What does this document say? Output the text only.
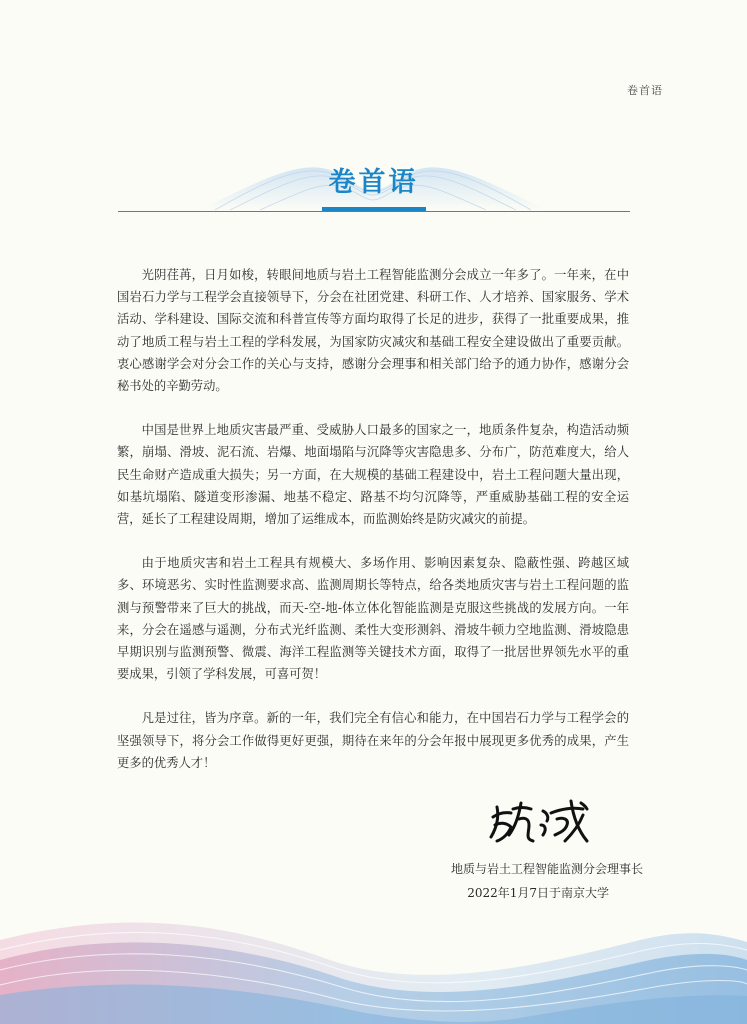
卷首语
卷首语

光阴荏苒，日月如梭，转眼间地质与岩土工程智能监测分会成立一年多了。一年来，在中国岩石力学与工程学会直接领导下，分会在社团党建、科研工作、人才培养、国家服务、学术活动、学科建设、国际交流和科普宣传等方面均取得了长足的进步，获得了一批重要成果，推动了地质工程与岩土工程的学科发展，为国家防灾减灾和基础工程安全建设做出了重要贡献。衷心感谢学会对分会工作的关心与支持，感谢分会理事和相关部门给予的通力协作，感谢分会秘书处的辛勤劳动。

中国是世界上地质灾害最严重、受威胁人口最多的国家之一，地质条件复杂，构造活动频繁，崩塌、滑坡、泥石流、岩爆、地面塌陷与沉降等灾害隐患多、分布广，防范难度大，给人民生命财产造成重大损失；另一方面，在大规模的基础工程建设中，岩土工程问题大量出现，如基坑塌陷、隧道变形渗漏、地基不稳定、路基不均匀沉降等，严重威胁基础工程的安全运营，延长了工程建设周期，增加了运维成本，而监测始终是防灾减灾的前提。

由于地质灾害和岩土工程具有规模大、多场作用、影响因素复杂、隐蔽性强、跨越区域多、环境恶劣、实时性监测要求高、监测周期长等特点，给各类地质灾害与岩土工程问题的监测与预警带来了巨大的挑战，而天-空-地-体立体化智能监测是克服这些挑战的发展方向。一年来，分会在遥感与遥测，分布式光纤监测、柔性大变形测斜、滑坡牛顿力空地监测、滑坡隐患早期识别与监测预警、微震、海洋工程监测等关键技术方面，取得了一批居世界领先水平的重要成果，引领了学科发展，可喜可贺！

凡是过往，皆为序章。新的一年，我们完全有信心和能力，在中国岩石力学与工程学会的坚强领导下，将分会工作做得更好更强，期待在来年的分会年报中展现更多优秀的成果，产生更多的优秀人才！

地质与岩土工程智能监测分会理事长
2022年1月7日于南京大学
